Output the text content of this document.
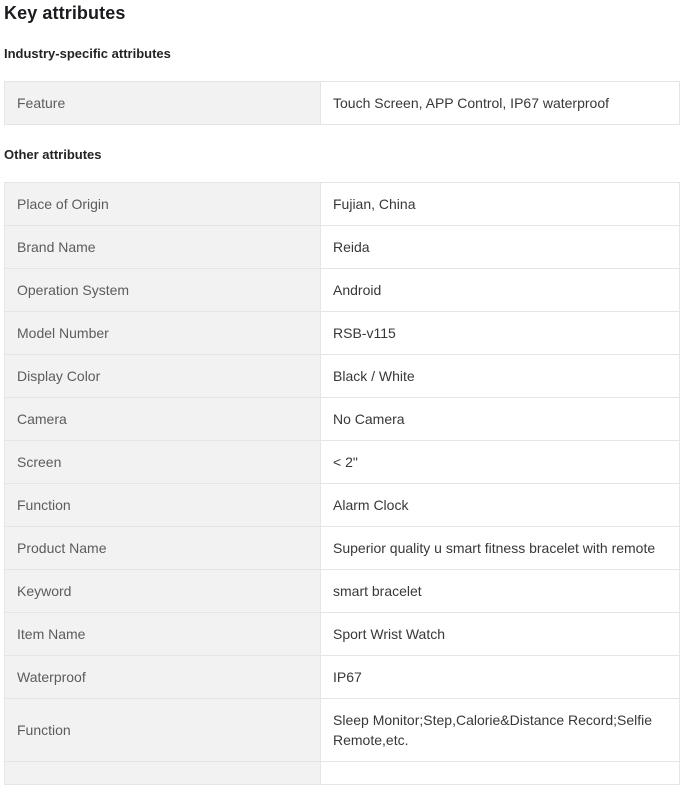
Key attributes
Industry-specific attributes
Feature	Touch Screen, APP Control, IP67 waterproof
Other attributes
Place of Origin	Fujian, China
Brand Name	Reida
Operation System	Android
Model Number	RSB-v115
Display Color	Black / White
Camera	No Camera
Screen	< 2"
Function	Alarm Clock
Product Name	Superior quality u smart fitness bracelet with remote
Keyword	smart bracelet
Item Name	Sport Wrist Watch
Waterproof	IP67
Function	Sleep Monitor;Step,Calorie&Distance Record;Selfie Remote,etc.
